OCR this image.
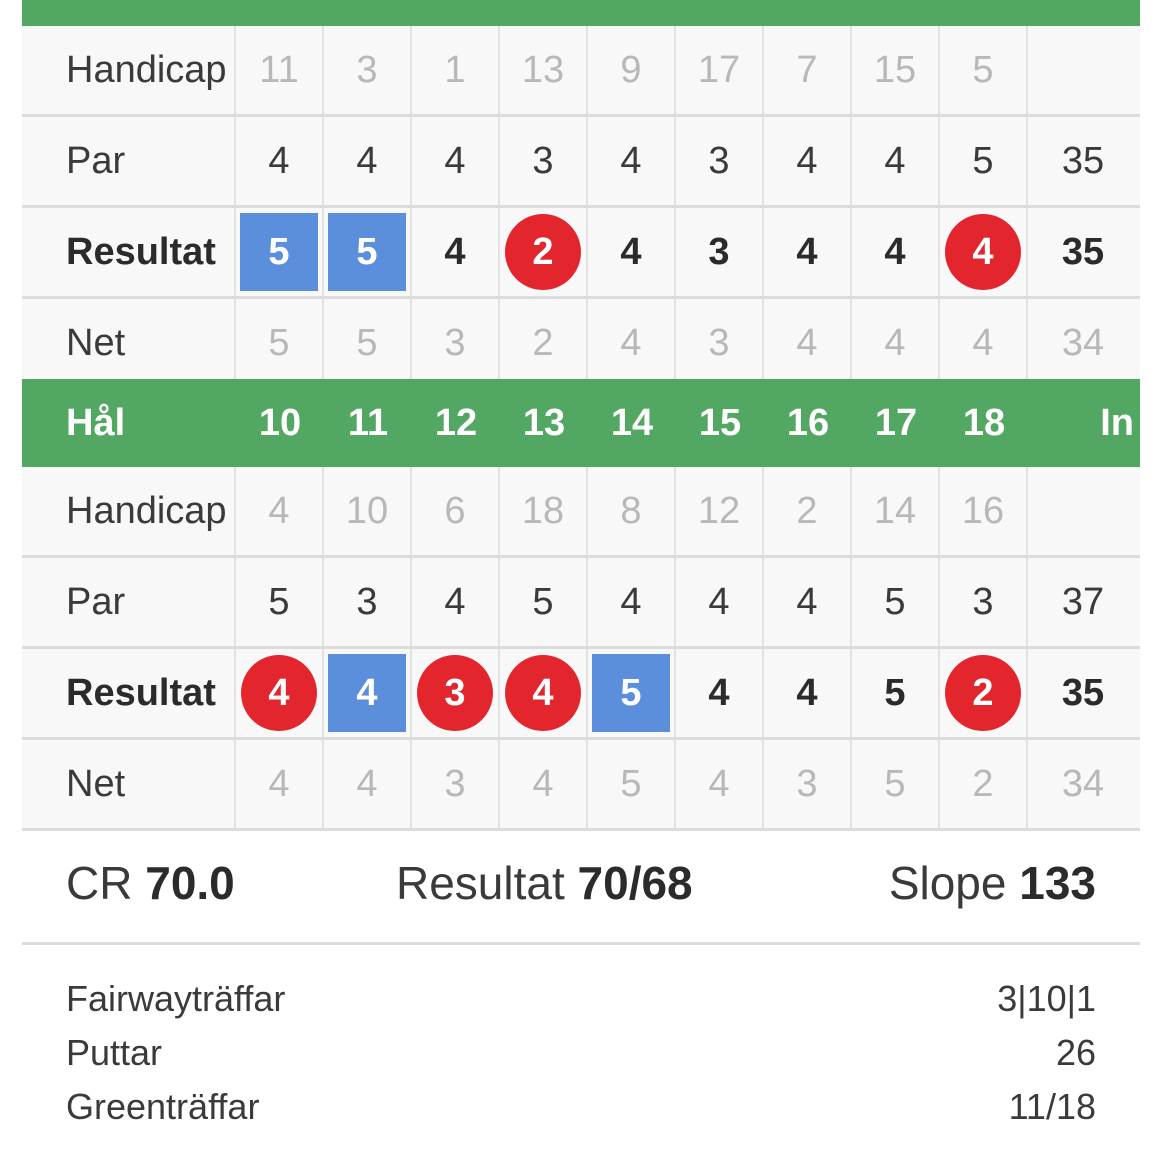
Handicap 11 3 1 13 9 17 7 15 5
Par	4 4 4 3 4 3 4 4 5	35
Resultat	5	5	4	2	4 3 4 4	4	35
Net	5 5 3 2 4 3 4 4 4	34
Hål	10 11 12 13 14 15 16 17 18	In
Handicap 4 10 6 18 8 12 2 14 16
Par	5 3 4 5 4 4 4 5 3	37
Resultat	4	4	3	4	5	4 4 5	2	35
Net	4 4 3 4 5 4 3 5 2	34
CR 70.0	Resultat 70/68	Slope 133
Fairwayträffar	3|10|1
Puttar	26
Greenträffar	11/18
